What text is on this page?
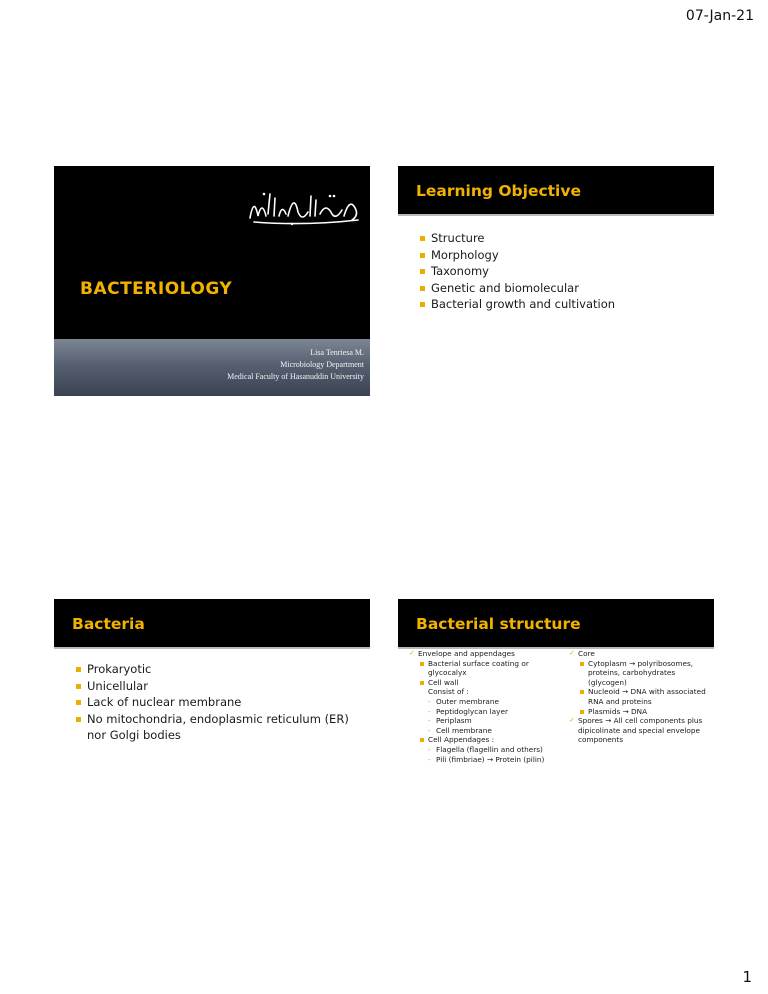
07-Jan-21
BACTERIOLOGY
Lisa Tenriesa M.
Microbiology Department
Medical Faculty of Hasanuddin University
Learning Objective
Structure
Morphology
Taxonomy
Genetic and biomolecular
Bacterial growth and cultivation
Bacteria
Prokaryotic
Unicellular
Lack of nuclear membrane
No mitochondria, endoplasmic reticulum (ER) nor Golgi bodies
Bacterial structure
✓ Envelope and appendages
Bacterial surface coating or glycocalyx
Cell wall
Consist of :
- Outer membrane
- Peptidoglycan layer
- Periplasm
- Cell membrane
Cell Appendages :
- Flagella (flagellin and others)
- Pili (fimbriae) → Protein (pilin)
✓ Core
Cytoplasm → polyribosomes, proteins, carbohydrates (glycogen)
Nucleoid → DNA with associated RNA and proteins
Plasmids → DNA
✓ Spores → All cell components plus dipicolinate and special envelope components
1
